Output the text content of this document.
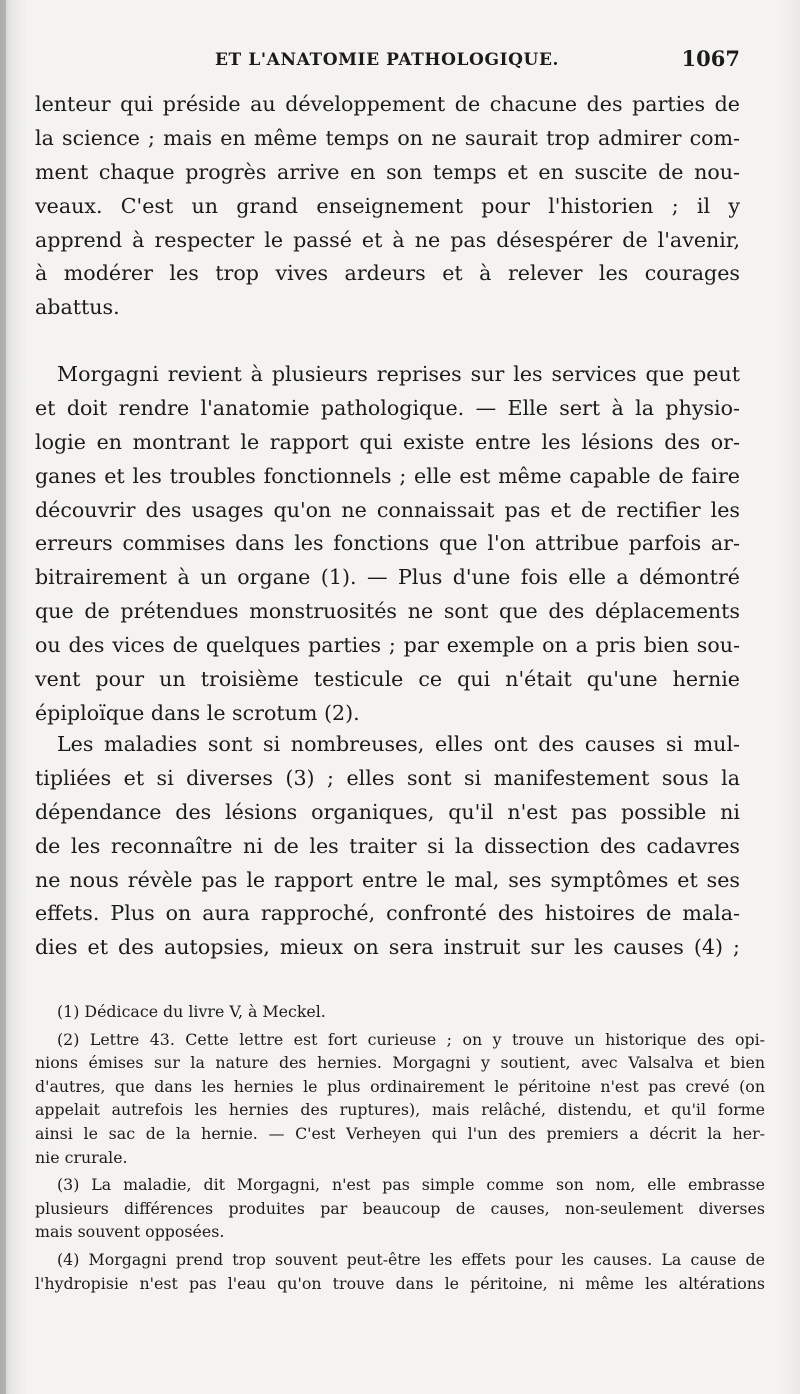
ET L'ANATOMIE PATHOLOGIQUE.	1067
lenteur qui préside au développement de chacune des parties de
la science ; mais en même temps on ne saurait trop admirer com-
ment chaque progrès arrive en son temps et en suscite de nou-
veaux. C'est un grand enseignement pour l'historien ; il y
apprend à respecter le passé et à ne pas désespérer de l'avenir,
à modérer les trop vives ardeurs et à relever les courages
abattus.
Morgagni revient à plusieurs reprises sur les services que peut
et doit rendre l'anatomie pathologique. — Elle sert à la physio-
logie en montrant le rapport qui existe entre les lésions des or-
ganes et les troubles fonctionnels ; elle est même capable de faire
découvrir des usages qu'on ne connaissait pas et de rectifier les
erreurs commises dans les fonctions que l'on attribue parfois ar-
bitrairement à un organe (1). — Plus d'une fois elle a démontré
que de prétendues monstruosités ne sont que des déplacements
ou des vices de quelques parties ; par exemple on a pris bien sou-
vent pour un troisième testicule ce qui n'était qu'une hernie
épiploïque dans le scrotum (2).
Les maladies sont si nombreuses, elles ont des causes si mul-
tipliées et si diverses (3) ; elles sont si manifestement sous la
dépendance des lésions organiques, qu'il n'est pas possible ni
de les reconnaître ni de les traiter si la dissection des cadavres
ne nous révèle pas le rapport entre le mal, ses symptômes et ses
effets. Plus on aura rapproché, confronté des histoires de mala-
dies et des autopsies, mieux on sera instruit sur les causes (4) ;
(1) Dédicace du livre V, à Meckel.
(2) Lettre 43. Cette lettre est fort curieuse ; on y trouve un historique des opi-
nions émises sur la nature des hernies. Morgagni y soutient, avec Valsalva et bien
d'autres, que dans les hernies le plus ordinairement le péritoine n'est pas crevé (on
appelait autrefois les hernies des ruptures), mais relâché, distendu, et qu'il forme
ainsi le sac de la hernie. — C'est Verheyen qui l'un des premiers a décrit la her-
nie crurale.
(3) La maladie, dit Morgagni, n'est pas simple comme son nom, elle embrasse
plusieurs différences produites par beaucoup de causes, non-seulement diverses
mais souvent opposées.
(4) Morgagni prend trop souvent peut-être les effets pour les causes. La cause de
l'hydropisie n'est pas l'eau qu'on trouve dans le péritoine, ni même les altérations
